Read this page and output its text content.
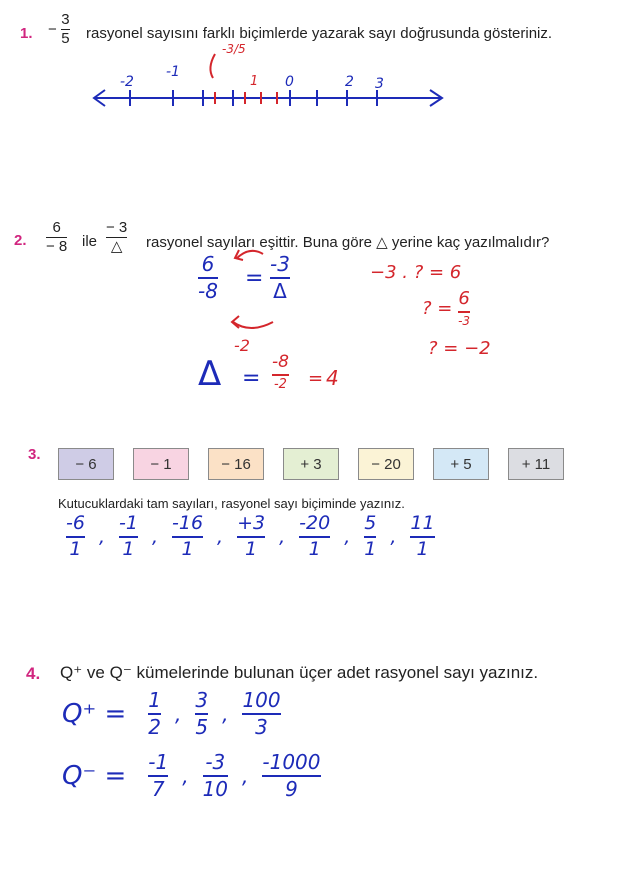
1. − $\frac{3}{5}$ rasyonel sayısını farklı biçimlerde yazarak sayı doğrusunda gösteriniz.
-2
-1
-3/5
1 0	2 3
2. $\frac{6}{- 8}$ ile $\frac{- 3}{\triangle}$ rasyonel sayıları eşittir. Buna göre △ yerine kaç yazılmalıdır?
$\frac{6}{-8} = \frac{-3}{\Delta}$
-2
Δ =
-8
-2 = 4
−3 . ? = 6
? = 6
-3
? = −2
3.
− 6	− 1	− 16	+ 3	− 20	+ 5	+ 11
Kutucuklardaki tam sayıları, rasyonel sayı biçiminde yazınız.
-6
1
,
-1
1
,
-16
1
,
+3
1
,
-20
1
,
5
1
,
11
1
4. Q⁺ ve Q⁻ kümelerinde bulunan üçer adet rasyonel sayı yazınız.
Q⁺ = 1
2
,
3
5
,
100
3
Q⁻ = -1
7
,
-3
10
,
-1000
9
